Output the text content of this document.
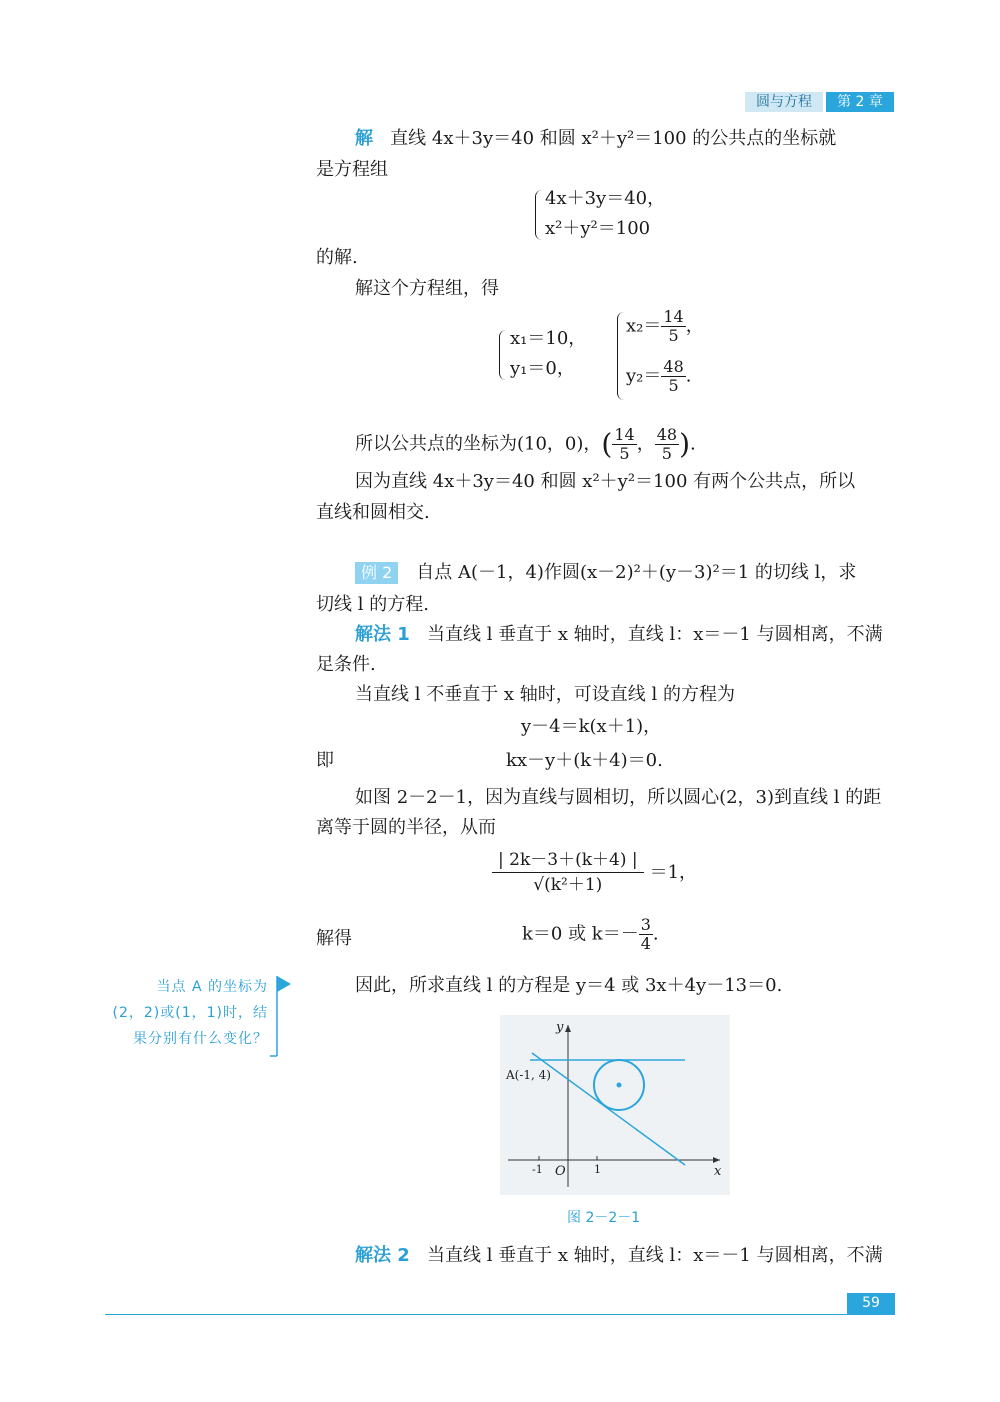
圆与方程	第 2 章
解 直线 4x＋3y＝40 和圆 x²＋y²＝100 的公共点的坐标就
是方程组
4x＋3y＝40，
x²＋y²＝100
的解.
解这个方程组，得
x₁＝10，
y₁＝0，
$x_2= \frac{14}{5}$ ，
$y_2= \frac{48}{5}$ .
所以公共点的坐标为(10，0)，( $\frac{14}{5}$ ， $\frac{48}{5}$ ).
因为直线 4x＋3y＝40 和圆 x²＋y²＝100 有两个公共点，所以
直线和圆相交.
例 2 自点 A(－1，4)作圆(x－2)²＋(y－3)²＝1 的切线 l，求
切线 l 的方程.
解法 1 当直线 l 垂直于 x 轴时，直线 l：x＝－1 与圆相离，不满
足条件.
当直线 l 不垂直于 x 轴时，可设直线 l 的方程为
y－4＝k(x＋1)，
即	kx－y＋(k＋4)＝0.
如图 2－2－1，因为直线与圆相切，所以圆心(2，3)到直线 l 的距
离等于圆的半径，从而
$\frac{| 2k-3+(k+4) |}{\text{√(k²＋1)}} =1$，
解得	k＝0 或 $k=- \frac{3}{4}$ .
因此，所求直线 l 的方程是 y＝4 或 3x＋4y－13＝0.
当点 A 的坐标为
(2，2)或(1，1)时，结
果分别有什么变化？
A(-1, 4)
x
y
O
-1	1
图 2－2－1
解法 2 当直线 l 垂直于 x 轴时，直线 l：x＝－1 与圆相离，不满
59
